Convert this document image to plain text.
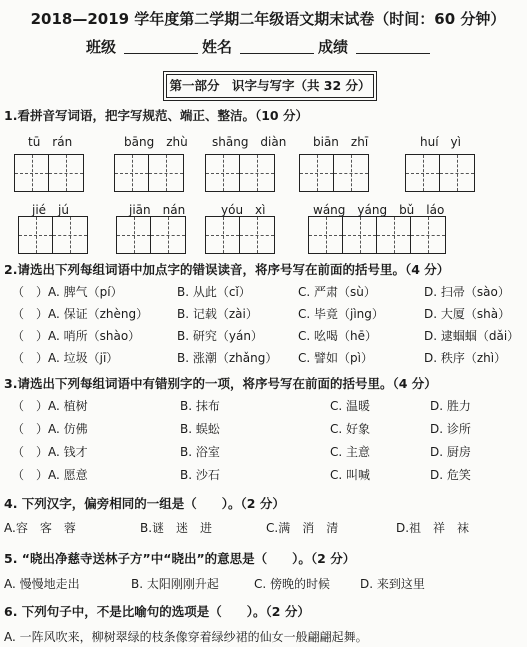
2018—2019 学年度第二学期二年级语文期末试卷（时间：60 分钟）
班级	姓名	成绩
第一部分　识字与写字（共 32 分）
1.看拼音写词语，把字写规范、端正、整洁。（10 分）
tū　rán	bāng　zhù shāng　diàn biān　zhī	huí　yì
jié　jú	jiān　nán	yóu　xì	wáng　yáng　bǔ　láo
2.请选出下列每组词语中加点字的错误读音，将序号写在前面的括号里。（4 分）
（　）A. 脾气（pí）	B. 从此（cǐ）	C. 严肃（sù）	D. 扫帚（sào）
（　）A. 保证（zhèng） B. 记载（zài）	C. 毕竟（jìng）	D. 大厦（shà）
（　）A. 哨所（shào）	B. 研究（yán）	C. 吆喝（hē）	D. 逮蝈蝈（dǎi）
（　）A. 垃圾（jī）	B. 涨潮（zhǎng） C. 譬如（pì）	D. 秩序（zhì）
3.请选出下列每组词语中有错别字的一项，将序号写在前面的括号里。（4 分）
（　）A. 植树	B. 抹布	C. 温暖	D. 胜力
（　）A. 仿佛	B. 蜈蚣	C. 好象	D. 诊所
（　）A. 钱才	B. 浴室	C. 主意	D. 厨房
（　）A. 愿意	B. 沙石	C. 叫喊	D. 危笑
4. 下列汉字，偏旁相同的一组是（　　）。（2 分）
A.容　客　蓉	B.谜　迷　进	C.满　消　清	D.祖　祥　袜
5. “晓出净慈寺送林子方”中“晓出”的意思是（　　）。（2 分）
A. 慢慢地走出	B. 太阳刚刚升起	C. 傍晚的时候 D. 来到这里
6. 下列句子中，不是比喻句的选项是（　　）。（2 分）
A. 一阵风吹来，柳树翠绿的枝条像穿着绿纱裙的仙女一般翩翩起舞。
